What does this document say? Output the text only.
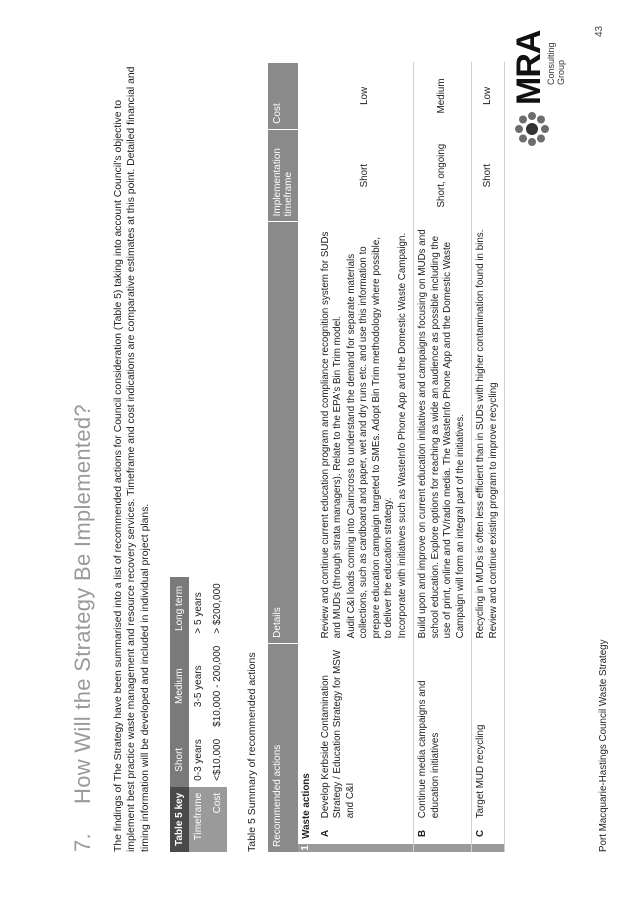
7.How Will the Strategy Be Implemented? The findings of The Strategy have been summarised into a list of recommended actions for Council consideration (Table 5) taking into account Council's objective to implement best practice waste management and resource recovery services. Timeframe and cost indications are comparative estimates at this point. Detailed financial and timing information will be developed and included in individual project plans.
MRA
Consulting Group
43
Table 5 key	Short	Medium	Long term
Timeframe	0-3 years	3-5 years	> 5 years
Cost	<$10,000	$10,000 - 200,000	> $200,000
Table 5 Summary of recommended actions Recommended actions			Details	Implementation timeframe	Cost
1	Waste actions				
	A	Develop Kerbside Contamination Strategy / Education Strategy for MSW and C&I	Review and continue current education program and compliance recognition system for SUDs and MUDs (through strata managers). Relate to the EPA's Bin Trim model. Audit C&I loads coming into Cairncross to understand the demand for separate materials collections, such as cardboard and paper, wet and dry runs etc. and use this information to prepare education campaign targeted to SMEs. Adopt Bin Trim methodology where possible, to deliver the education strategy. Incorporate with initiatives such as WasteInfo Phone App and the Domestic Waste Campaign.	Short	Low
	B	Continue media campaigns and education initiatives	Build upon and improve on current education initiatives and campaigns focusing on MUDs and school education. Explore options for reaching as wide an audience as possible including the use of print, online and TV/radio media. The WasteInfo Phone App and the Domestic Waste Campaign will form an integral part of the initiatives.	Short, ongoing	Medium
	C	Target MUD recycling	Recycling in MUDs is often less efficient than in SUDs with higher contamination found in bins. Review and continue existing program to improve recycling	Short	Low
Port Macquarie-Hastings Council Waste Strategy
